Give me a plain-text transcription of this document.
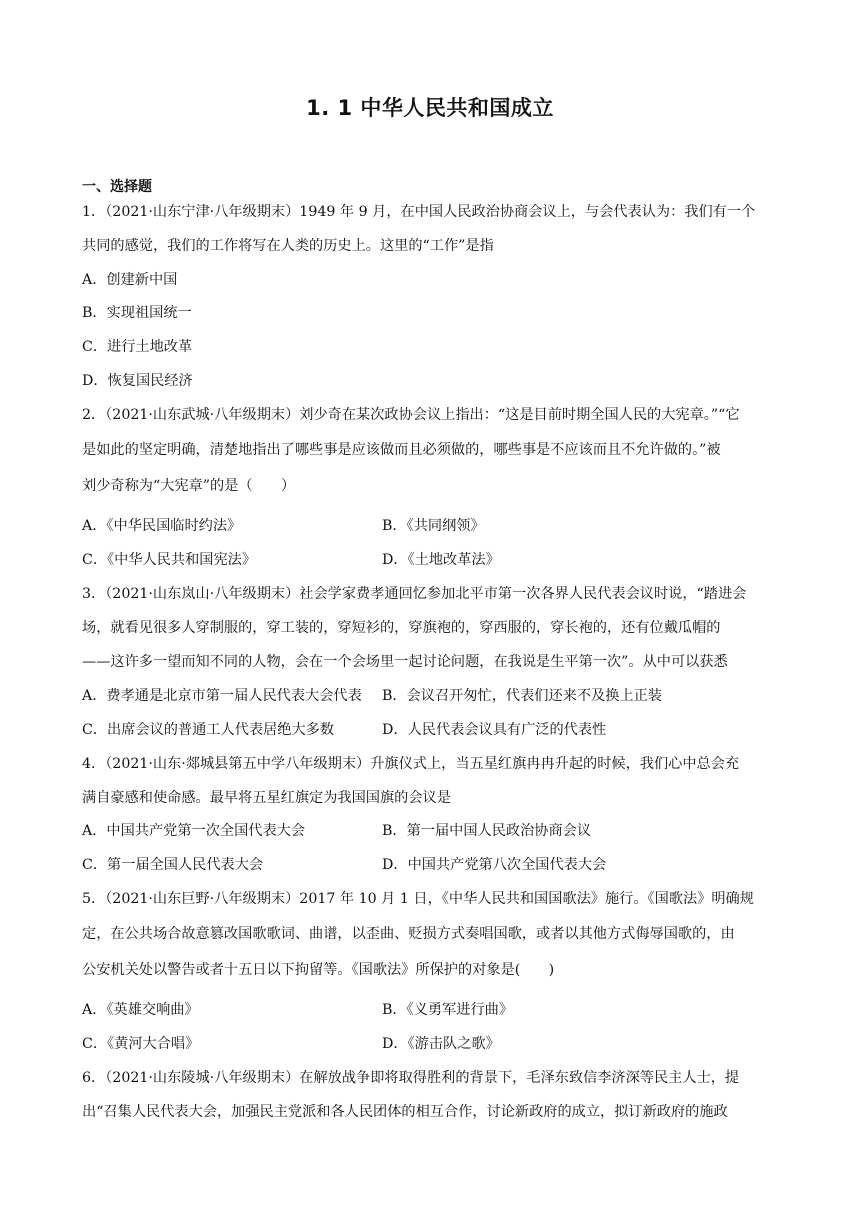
1. 1 中华人民共和国成立
一、选择题
1．（2021·山东宁津·八年级期末）1949 年 9 月，在中国人民政治协商会议上，与会代表认为：我们有一个
共同的感觉，我们的工作将写在人类的历史上。这里的“工作”是指
A．创建新中国
B．实现祖国统一
C．进行土地改革
D．恢复国民经济
2．（2021·山东武城·八年级期末）刘少奇在某次政协会议上指出：“这是目前时期全国人民的大宪章。”“它
是如此的坚定明确，清楚地指出了哪些事是应该做而且必须做的，哪些事是不应该而且不允许做的。”被
刘少奇称为“大宪章”的是（　　）
A．《中华民国临时约法》	B．《共同纲领》
C．《中华人民共和国宪法》	D．《土地改革法》
3．（2021·山东岚山·八年级期末）社会学家费孝通回忆参加北平市第一次各界人民代表会议时说，“踏进会
场，就看见很多人穿制服的，穿工装的，穿短衫的，穿旗袍的，穿西服的，穿长袍的，还有位戴瓜帽的
——这许多一望而知不同的人物，会在一个会场里一起讨论问题，在我说是生平第一次”。从中可以获悉
A．费孝通是北京市第一届人民代表大会代表 B．会议召开匆忙，代表们还来不及换上正装
C．出席会议的普通工人代表居绝大多数	D．人民代表会议具有广泛的代表性
4．（2021·山东·郯城县第五中学八年级期末）升旗仪式上，当五星红旗冉冉升起的时候，我们心中总会充
满自豪感和使命感。最早将五星红旗定为我国国旗的会议是
A．中国共产党第一次全国代表大会	B．第一届中国人民政治协商会议
C．第一届全国人民代表大会	D．中国共产党第八次全国代表大会
5．（2021·山东巨野·八年级期末）2017 年 10 月 1 日，《中华人民共和国国歌法》施行。《国歌法》明确规
定，在公共场合故意篡改国歌歌词、曲谱，以歪曲、贬损方式奏唱国歌，或者以其他方式侮辱国歌的，由
公安机关处以警告或者十五日以下拘留等。《国歌法》所保护的对象是(　　)
A．《英雄交响曲》	B．《义勇军进行曲》
C．《黄河大合唱》	D．《游击队之歌》
6．（2021·山东陵城·八年级期末）在解放战争即将取得胜利的背景下，毛泽东致信李济深等民主人士，提
出“召集人民代表大会，加强民主党派和各人民团体的相互合作，讨论新政府的成立，拟订新政府的施政
